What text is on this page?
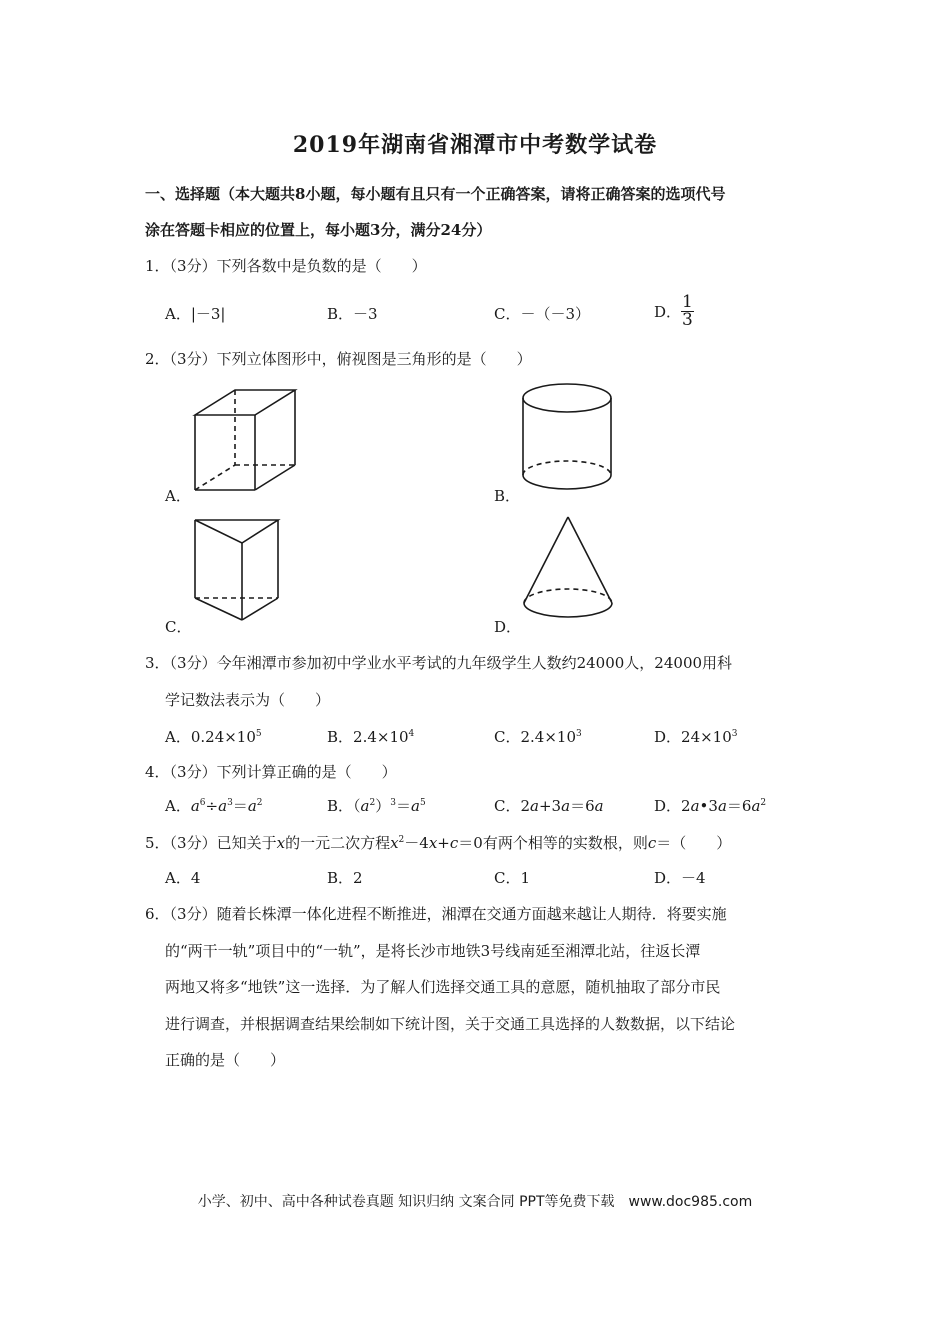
2019年湖南省湘潭市中考数学试卷
一、选择题（本大题共8小题，每小题有且只有一个正确答案，请将正确答案的选项代号
涂在答题卡相应的位置上，每小题3分，满分24分）
1．（3分）下列各数中是负数的是（　　）
A．|－3|	B．－3	C．－（－3）	D． $\frac{1}{3}$
2．（3分）下列立体图形中，俯视图是三角形的是（　　）
A．	B．
C．	D．
3．（3分）今年湘潭市参加初中学业水平考试的九年级学生人数约24000人，24000用科
学记数法表示为（　　）
A．$0.24\times 10^5$	B．$2.4\times 10^4$	C．$2.4\times 10^3$	D．$24\times 10^3$
4．（3分）下列计算正确的是（　　）
A．$a^6\div a^3=a^2$	B．$(a^2)^3=a^5$	C．2a+3a＝6a	D．$2a•3a=6a^2$
5．（3分）已知关于x的一元二次方程$x^2-4x+c=0$有两个相等的实数根，则c＝（　　）
A．4	B．2	C．1	D．－4
6．（3分）随着长株潭一体化进程不断推进，湘潭在交通方面越来越让人期待．将要实施
的“两干一轨”项目中的“一轨”，是将长沙市地铁3号线南延至湘潭北站，往返长潭
两地又将多“地铁”这一选择．为了解人们选择交通工具的意愿，随机抽取了部分市民
进行调查，并根据调查结果绘制如下统计图，关于交通工具选择的人数数据，以下结论
正确的是（　　）
小学、初中、高中各种试卷真题 知识归纳 文案合同 PPT等免费下载　www.doc985.com
